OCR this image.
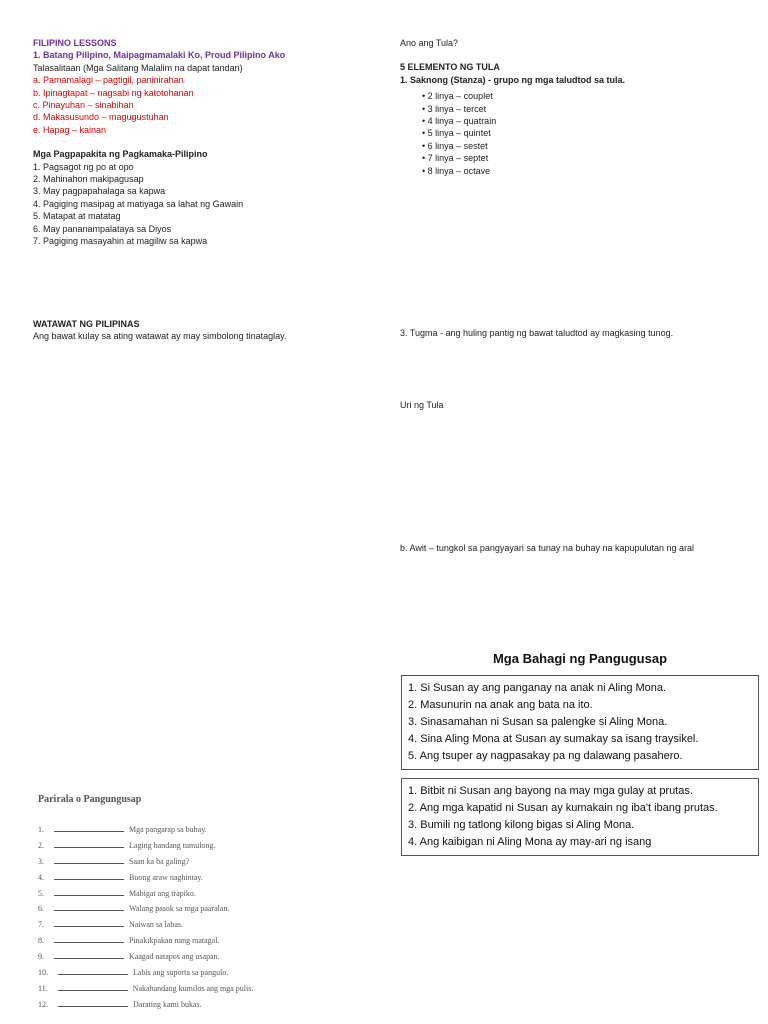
FILIPINO LESSONS
1. Batang Pilipino, Maipagmamalaki Ko, Proud Pilipino Ako
Talasalitaan (Mga Salitang Malalim na dapat tandan)
a. Pamamalagi – pagtigil, paninirahan
b. Ipinagtapat – nagsabi ng katotohanan
c. Pinayuhan – sinabihan
d. Makasusundo – magugustuhan
e. Hapag – kainan
Mga Pagpapakita ng Pagkamaka-Pilipino
1. Pagsagot ng po at opo
2. Mahinahon makipagusap
3. May pagpapahalaga sa kapwa
4. Pagiging masipag at matiyaga sa lahat ng Gawain
5. Matapat at matatag
6. May pananampalataya sa Diyos
7. Pagiging masayahin at magiliw sa kapwa
WATAWAT NG PILIPINAS
Ang bawat kulay sa ating watawat ay may simbolong tinataglay.
Ano ang Tula?
5 ELEMENTO NG TULA
1. Saknong (Stanza) - grupo ng mga taludtod sa tula.
• 2 linya – couplet
• 3 linya – tercet
• 4 linya – quatrain
• 5 linya – quintet
• 6 linya – sestet
• 7 linya – septet
• 8 linya – octave
3. Tugma - ang huling pantig ng bawat taludtod ay magkasing tunog.
Uri ng Tula
b. Awit – tungkol sa pangyayari sa tunay na buhay na kapupulutan ng aral
Mga Bahagi ng Pangugusap
1. Si Susan ay ang panganay na anak ni Aling Mona.
2. Masunurin na anak ang bata na ito.
3. Sinasamahan ni Susan sa palengke si Aling Mona.
4. Sina Aling Mona at Susan ay sumakay sa isang traysikel.
5. Ang tsuper ay nagpasakay pa ng dalawang pasahero.
1. Bitbit ni Susan ang bayong na may mga gulay at prutas.
2. Ang mga kapatid ni Susan ay kumakain ng iba't ibang prutas.
3. Bumili ng tatlong kilong bigas si Aling Mona.
4. Ang kaibigan ni Aling Mona ay may-ari ng isang
Parirala o Pangungusap
1.	Mga pangarap sa buhay.
2.	Laging handang tumulong.
3.	Saan ka ba galing?
4.	Buong araw naghintay.
5.	Mabigat ang trapiko.
6.	Walang pasok sa mga paaralan.
7.	Naiwan sa labas.
8.	Pinakikpakan nang matagal.
9.	Kaagad natapos ang usapan.
10.	Labis ang suporta sa pangulo.
11.	Nakahandang kumilos ang mga pulis.
12.	Darating kami bukas.
